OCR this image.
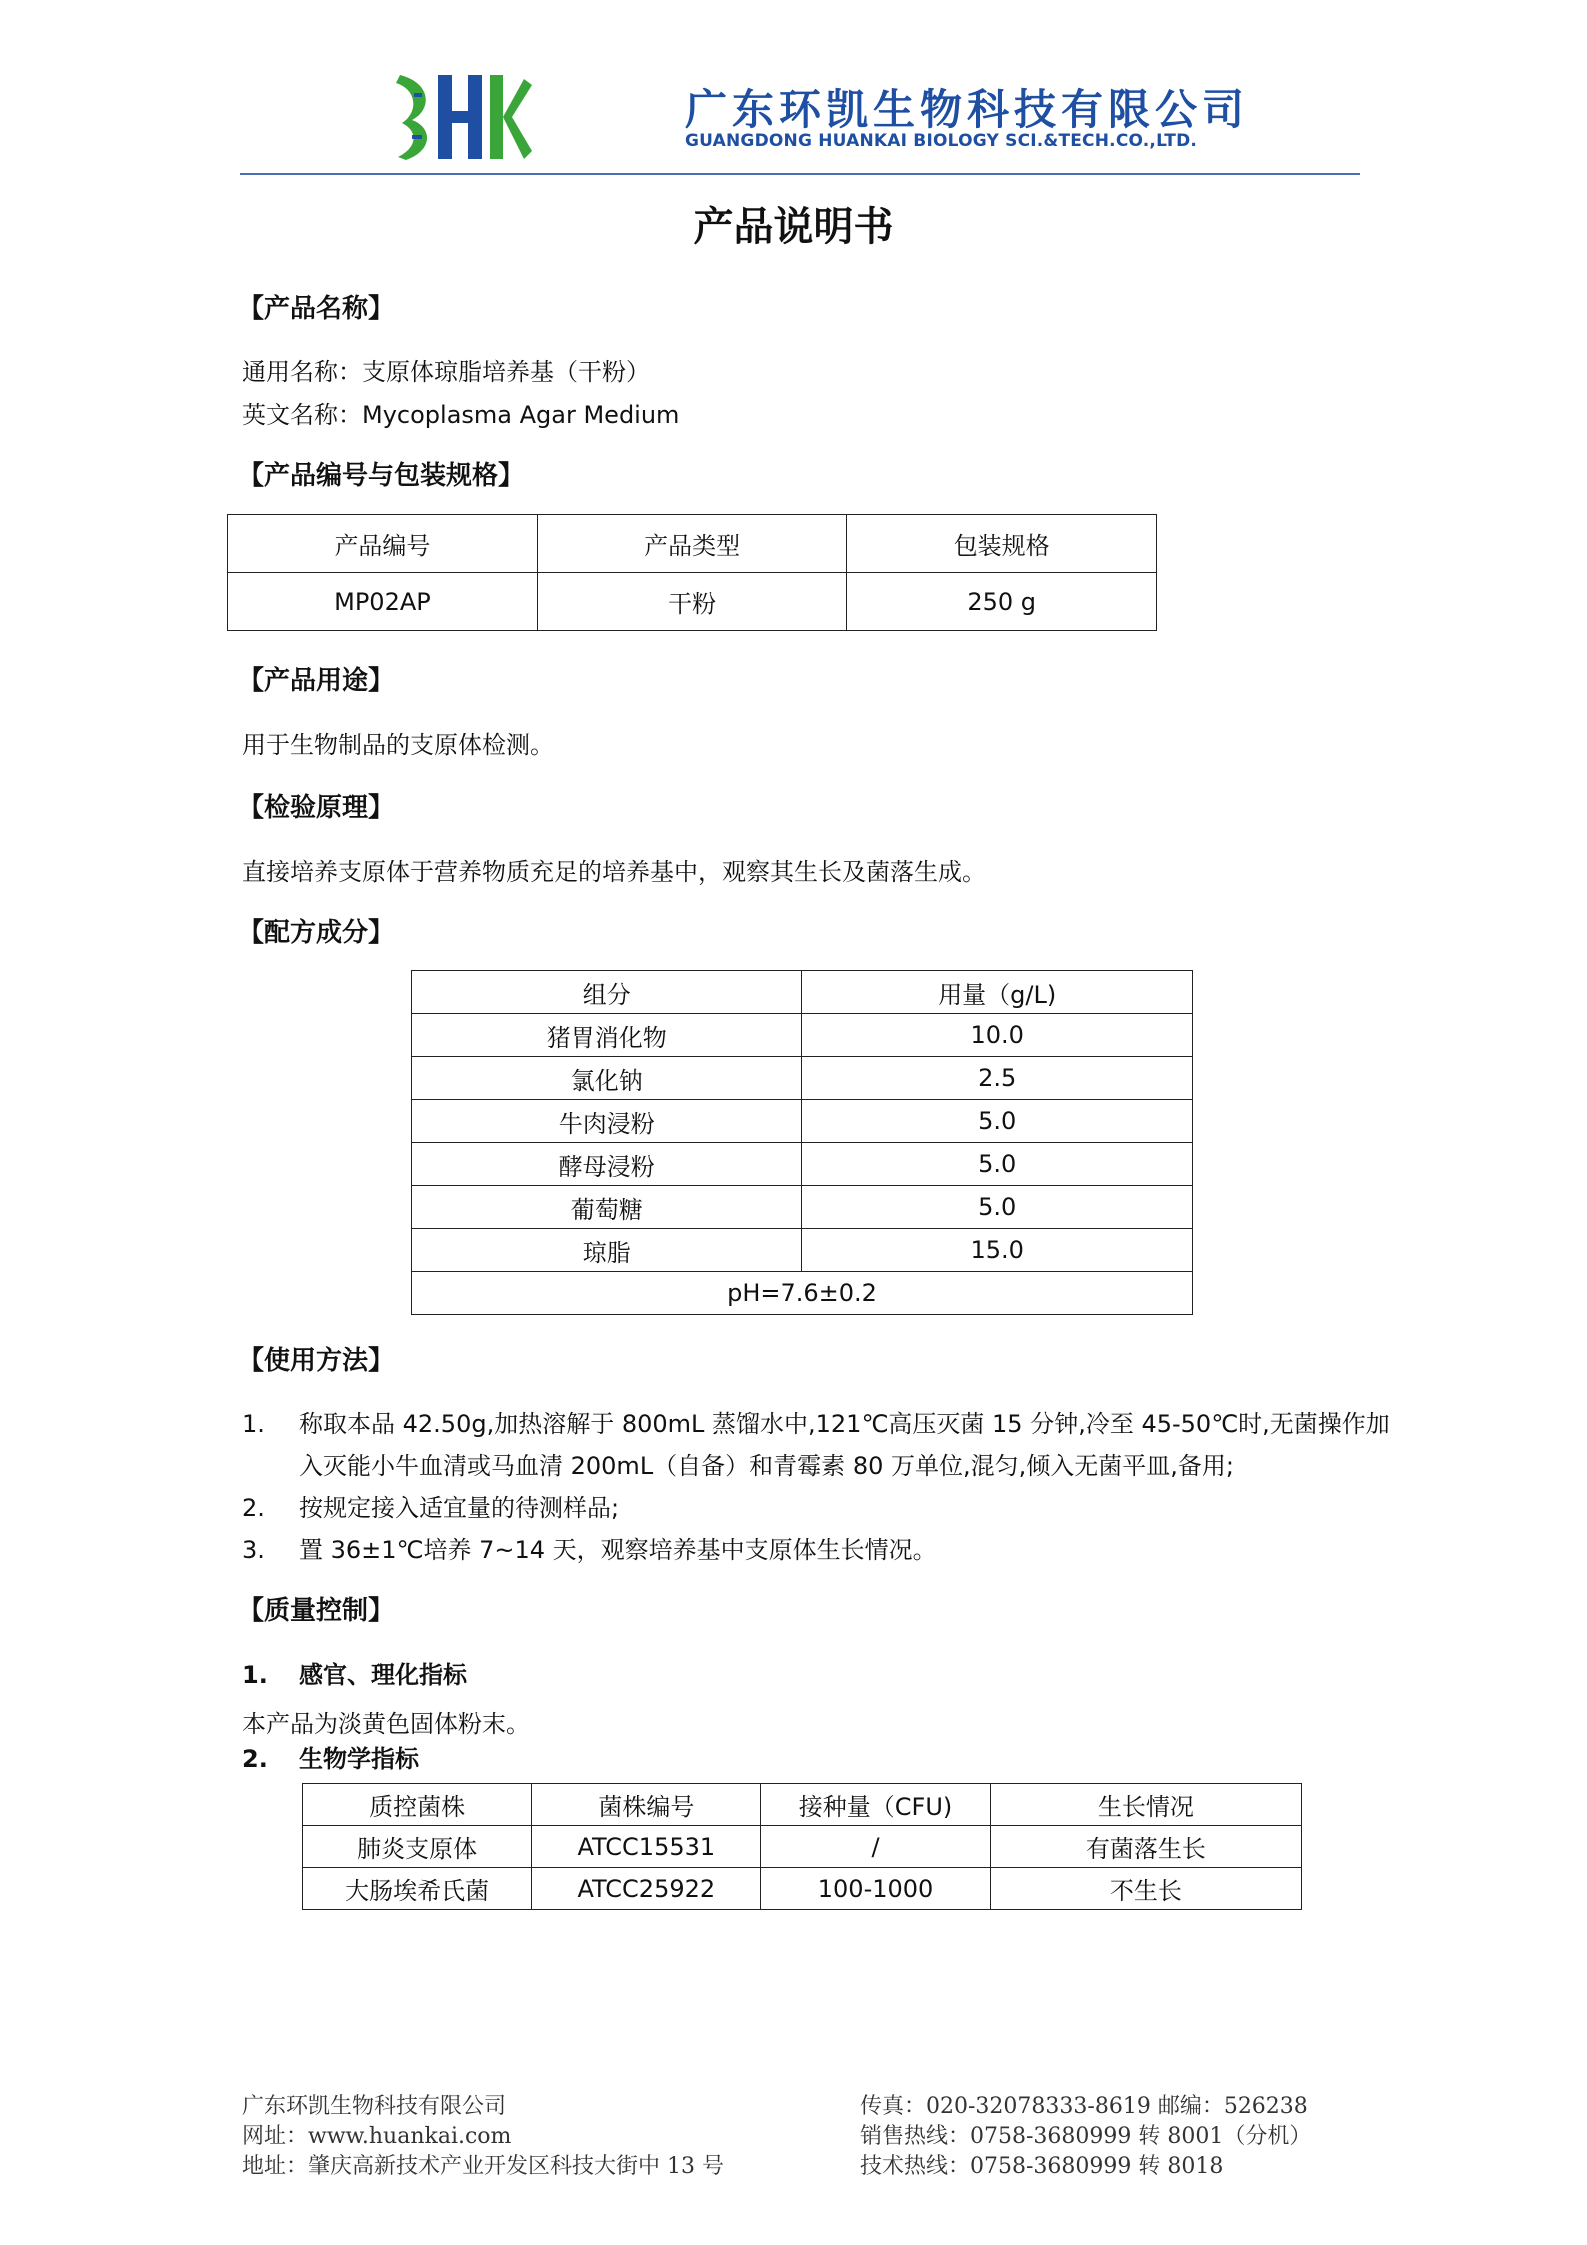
广东环凯生物科技有限公司
GUANGDONG HUANKAI BIOLOGY SCI.&TECH.CO.,LTD.
产品说明书
【产品名称】
通用名称：支原体琼脂培养基（干粉）
英文名称：Mycoplasma Agar Medium
【产品编号与包装规格】
产品编号	产品类型	包装规格
MP02AP	干粉	250 g
【产品用途】
用于生物制品的支原体检测。
【检验原理】
直接培养支原体于营养物质充足的培养基中，观察其生长及菌落生成。
【配方成分】
组分	用量（g/L)
猪胃消化物	10.0
氯化钠	2.5
牛肉浸粉	5.0
酵母浸粉	5.0
葡萄糖	5.0
琼脂	15.0
pH=7.6±0.2	
【使用方法】
1. 称取本品 42.50g,加热溶解于 800mL 蒸馏水中,121℃高压灭菌 15 分钟,冷至 45-50℃时,无菌操作加
入灭能小牛血清或马血清 200mL（自备）和青霉素 80 万单位,混匀,倾入无菌平皿,备用;
2. 按规定接入适宜量的待测样品;
3. 置 36±1℃培养 7~14 天，观察培养基中支原体生长情况。
【质量控制】
1. 感官、理化指标
本产品为淡黄色固体粉末。
2. 生物学指标
质控菌株	菌株编号	接种量（CFU)	生长情况
肺炎支原体	ATCC15531	/	有菌落生长
大肠埃希氏菌	ATCC25922	100-1000	不生长
广东环凯生物科技有限公司
网址：www.huankai.com
地址：肇庆高新技术产业开发区科技大街中 13 号
传真：020-32078333-8619 邮编：526238
销售热线：0758-3680999 转 8001（分机）
技术热线：0758-3680999 转 8018
